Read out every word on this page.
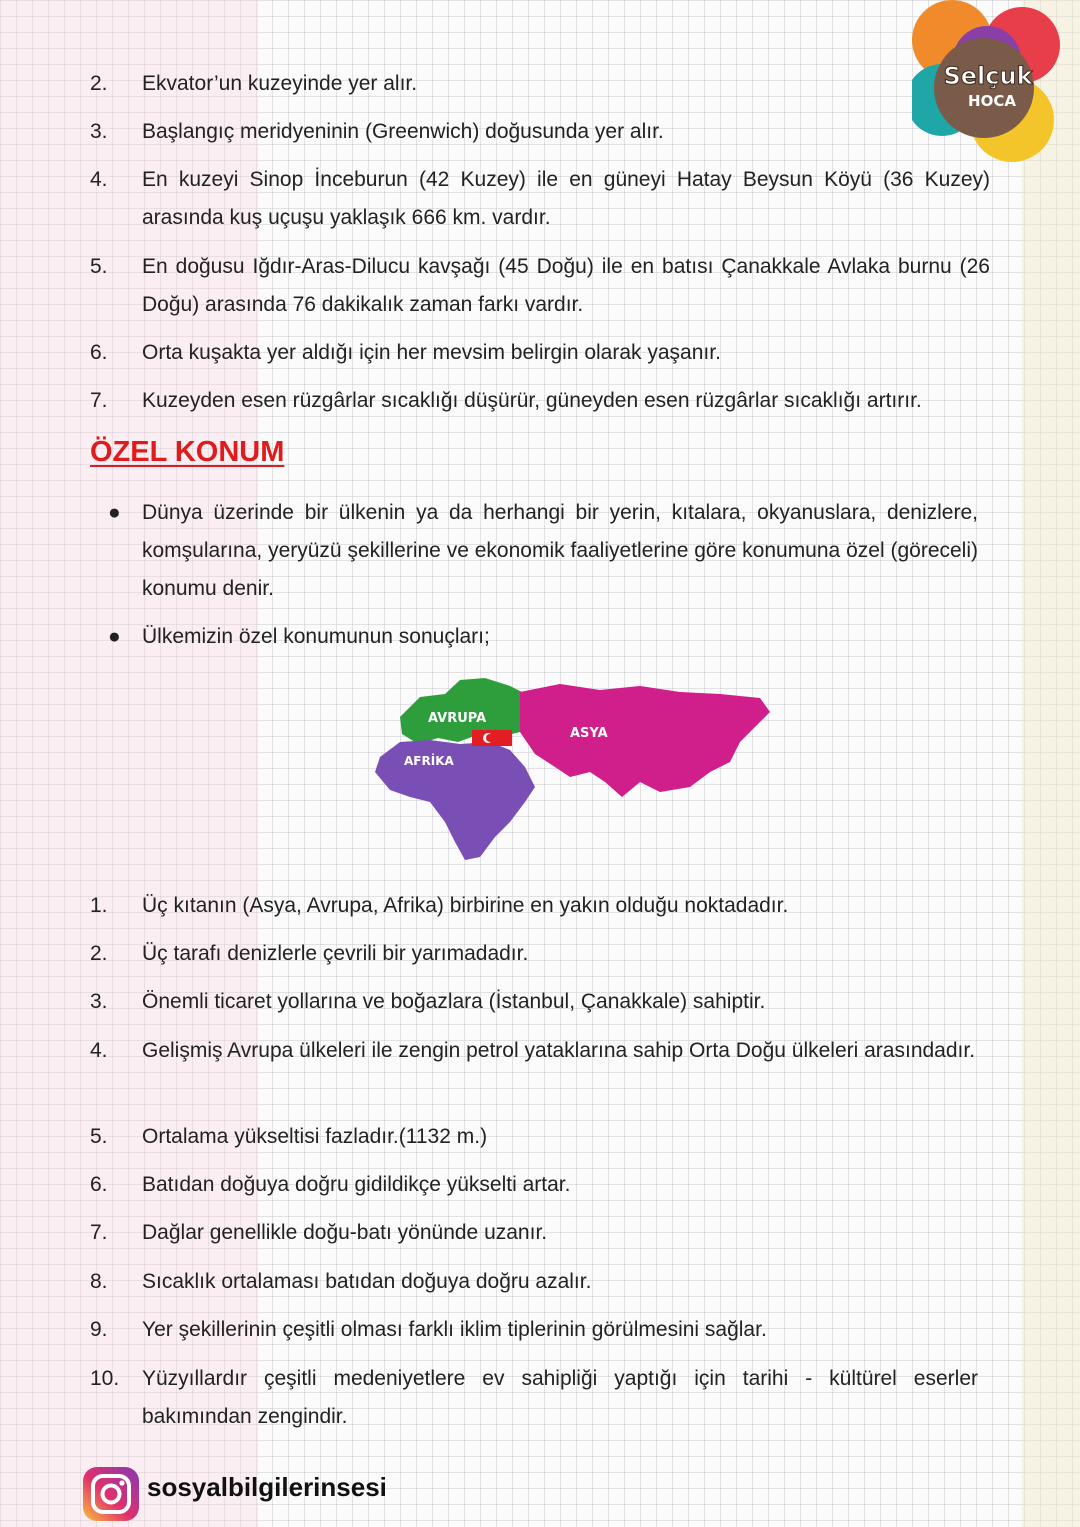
Selçuk
HOCA
2.	Ekvator’un kuzeyinde yer alır.
3.	Başlangıç meridyeninin (Greenwich) doğusunda yer alır.
4.	En kuzeyi Sinop İnceburun (42 Kuzey) ile en güneyi Hatay Beysun Köyü (36 Kuzey) arasında kuş uçuşu yaklaşık 666 km. vardır.
5.	En doğusu Iğdır-Aras-Dilucu kavşağı (45 Doğu) ile en batısı Çanakkale Avlaka burnu (26 Doğu) arasında 76 dakikalık zaman farkı vardır.
6.	Orta kuşakta yer aldığı için her mevsim belirgin olarak yaşanır.
7.	Kuzeyden esen rüzgârlar sıcaklığı düşürür, güneyden esen rüzgârlar sıcaklığı artırır.
ÖZEL KONUM
● Dünya üzerinde bir ülkenin ya da herhangi bir yerin, kıtalara, okyanuslara, denizlere, komşularına, yeryüzü şekillerine ve ekonomik faaliyetlerine göre konumuna özel (göreceli) konumu denir.
● Ülkemizin özel konumunun sonuçları;
AVRUPA
ASYA
AFRİKA
1.	Üç kıtanın (Asya, Avrupa, Afrika) birbirine en yakın olduğu noktadadır.
2.	Üç tarafı denizlerle çevrili bir yarımadadır.
3.	Önemli ticaret yollarına ve boğazlara (İstanbul, Çanakkale) sahiptir.
4.	Gelişmiş Avrupa ülkeleri ile zengin petrol yataklarına sahip Orta Doğu ülkeleri arasındadır.
5.	Ortalama yükseltisi fazladır.(1132 m.)
6.	Batıdan doğuya doğru gidildikçe yükselti artar.
7.	Dağlar genellikle doğu-batı yönünde uzanır.
8.	Sıcaklık ortalaması batıdan doğuya doğru azalır.
9.	Yer şekillerinin çeşitli olması farklı iklim tiplerinin görülmesini sağlar.
10.	Yüzyıllardır çeşitli medeniyetlere ev sahipliği yaptığı için tarihi - kültürel eserler bakımından zengindir.
sosyalbilgilerinsesi
